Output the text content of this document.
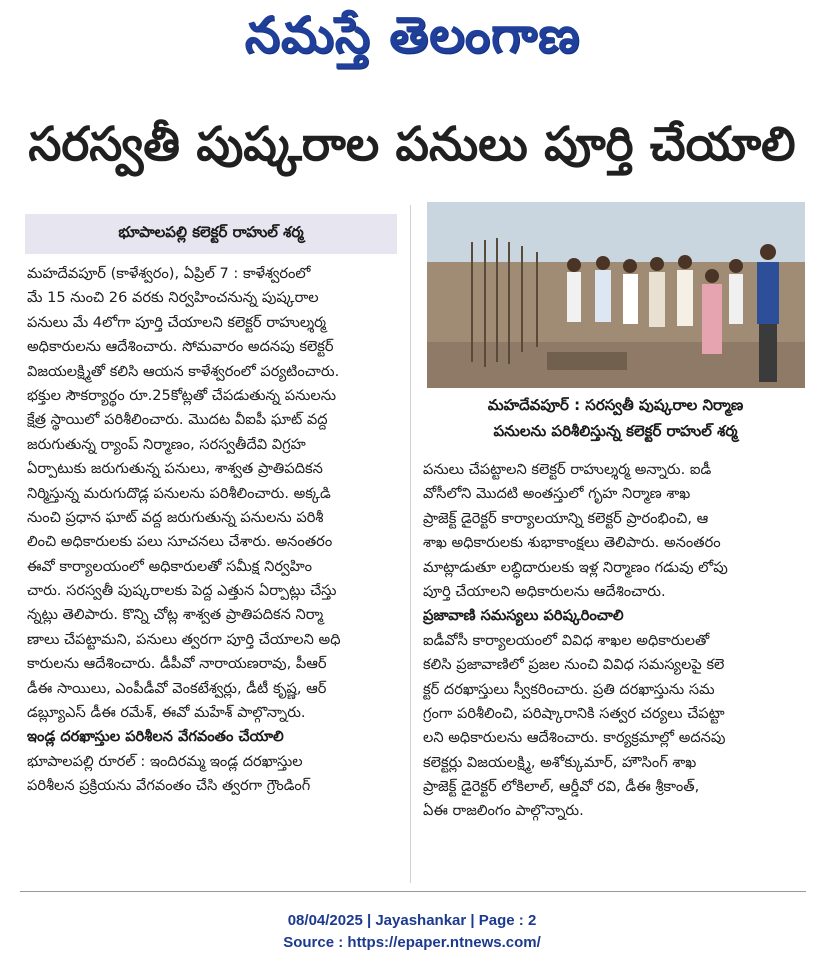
నమస్తే తెలంగాణ
సరస్వతీ పుష్కరాల పనులు పూర్తి చేయాలి
భూపాలపల్లి కలెక్టర్ రాహుల్ శర్మ
మహదేవపూర్ (కాళేశ్వరం), ఏప్రిల్ 7 : కాళేశ్వరంలో
మే 15 నుంచి 26 వరకు నిర్వహించనున్న పుష్కరాల
పనులు మే 4లోగా పూర్తి చేయాలని కలెక్టర్ రాహుల్శర్మ
అధికారులను ఆదేశించారు. సోమవారం అదనపు కలెక్టర్
విజయలక్ష్మితో కలిసి ఆయన కాళేశ్వరంలో పర్యటించారు.
భక్తుల సౌకర్యార్థం రూ.25కోట్లతో చేపడుతున్న పనులను
క్షేత్ర స్థాయిలో పరిశీలించారు. మొదట వీఐపీ ఘాట్ వద్ద
జరుగుతున్న ర్యాంప్ నిర్మాణం, సరస్వతీదేవి విగ్రహ
ఏర్పాటుకు జరుగుతున్న పనులు, శాశ్వత ప్రాతిపదికన
నిర్మిస్తున్న మరుగుదొడ్ల పనులను పరిశీలించారు. అక్కడి
నుంచి ప్రధాన ఘాట్ వద్ద జరుగుతున్న పనులను పరిశీ
లించి అధికారులకు పలు సూచనలు చేశారు. అనంతరం
ఈవో కార్యాలయంలో అధికారులతో సమీక్ష నిర్వహిం
చారు. సరస్వతీ పుష్కరాలకు పెద్ద ఎత్తున ఏర్పాట్లు చేస్తు
న్నట్లు తెలిపారు. కొన్ని చోట్ల శాశ్వత ప్రాతిపదికన నిర్మా
ణాలు చేపట్టామని, పనులు త్వరగా పూర్తి చేయాలని అధి
కారులను ఆదేశించారు. డీపీవో నారాయణరావు, పీఆర్
డీఈ సాయిలు, ఎంపీడీవో వెంకటేశ్వర్లు, డీటీ కృష్ణ, ఆర్
డబ్ల్యూఎస్ డీఈ రమేశ్, ఈవో మహేశ్ పాల్గొన్నారు.
ఇండ్ల దరఖాస్తుల పరిశీలన వేగవంతం చేయాలి
భూపాలపల్లి రూరల్ : ఇందిరమ్మ ఇండ్ల దరఖాస్తుల
పరిశీలన ప్రక్రియను వేగవంతం చేసి త్వరగా గ్రౌండింగ్
మహదేవపూర్ : సరస్వతీ పుష్కరాల నిర్మాణ
పనులను పరిశీలిస్తున్న కలెక్టర్ రాహుల్ శర్మ
పనులు చేపట్టాలని కలెక్టర్ రాహుల్శర్మ అన్నారు. ఐడీ
వోసీలోని మొదటి అంతస్తులో గృహ నిర్మాణ శాఖ
ప్రాజెక్ట్ డైరెక్టర్ కార్యాలయాన్ని కలెక్టర్ ప్రారంభించి, ఆ
శాఖ అధికారులకు శుభాకాంక్షలు తెలిపారు. అనంతరం
మాట్లాడుతూ లబ్ధిదారులకు ఇళ్ల నిర్మాణం గడువు లోపు
పూర్తి చేయాలని అధికారులను ఆదేశించారు.
ప్రజావాణి సమస్యలు పరిష్కరించాలి
ఐడీవోసీ కార్యాలయంలో వివిధ శాఖల అధికారులతో
కలిసి ప్రజావాణిలో ప్రజల నుంచి వివిధ సమస్యలపై కలె
క్టర్ దరఖాస్తులు స్వీకరించారు. ప్రతి దరఖాస్తును సమ
గ్రంగా పరిశీలించి, పరిష్కారానికి సత్వర చర్యలు చేపట్టా
లని అధికారులను ఆదేశించారు. కార్యక్రమాల్లో అదనపు
కలెక్టర్లు విజయలక్ష్మి, అశోక్కుమార్, హౌసింగ్ శాఖ
ప్రాజెక్ట్ డైరెక్టర్ లోకిలాల్, ఆర్డీవో రవి, డీఈ శ్రీకాంత్,
ఏఈ రాజలింగం పాల్గొన్నారు.
08/04/2025 | Jayashankar | Page : 2
Source : https://epaper.ntnews.com/
